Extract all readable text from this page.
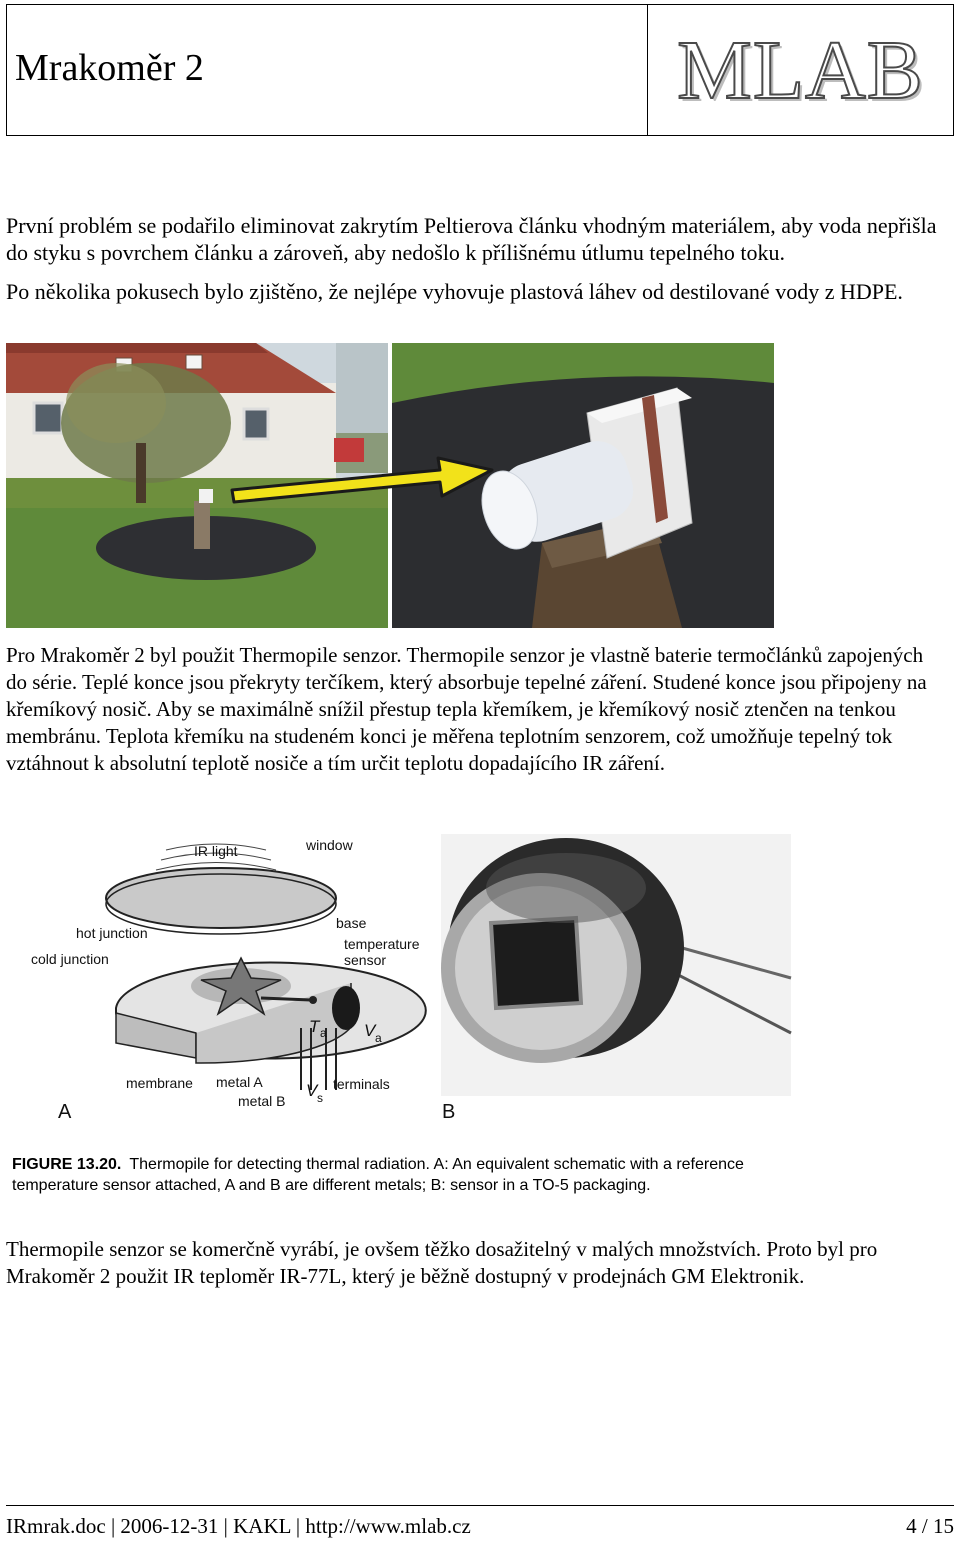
Mrakoměr 2	MLAB
První problém se podařilo eliminovat zakrytím Peltierova článku vhodným materiálem, aby voda nepřišla do styku s povrchem článku a zároveň, aby nedošlo k přílišnému útlumu tepelného toku.
Po několika pokusech bylo zjištěno, že nejlépe vyhovuje plastová láhev od destilované vody z HDPE.
Pro Mrakoměr 2 byl použit Thermopile senzor. Thermopile senzor je vlastně baterie termočlánků zapojených do série. Teplé konce jsou překryty terčíkem, který absorbuje tepelné záření. Studené konce jsou připojeny na křemíkový nosič. Aby se maximálně snížil přestup tepla křemíkem, je křemíkový nosič ztenčen na tenkou membránu. Teplota křemíku na studeném konci je měřena teplotním senzorem, což umožňuje tepelný tok vztáhnout k absolutní teplotě nosiče a tím určit teplotu dopadajícího IR záření.
IR light	window
hot junction
cold junction
base
temperature
sensor
T a V a
V s
membrane metal A
metal B
terminals
A	B
FIGURE 13.20. Thermopile for detecting thermal radiation. A: An equivalent schematic with a reference temperature sensor attached, A and B are different metals; B: sensor in a TO-5 packaging.
Thermopile senzor se komerčně vyrábí, je ovšem těžko dosažitelný v malých množstvích. Proto byl pro Mrakoměr 2 použit IR teploměr IR-77L, který je běžně dostupný v prodejnách GM Elektronik.
IRmrak.doc | 2006-12-31 | KAKL | http://www.mlab.cz	4 / 15
